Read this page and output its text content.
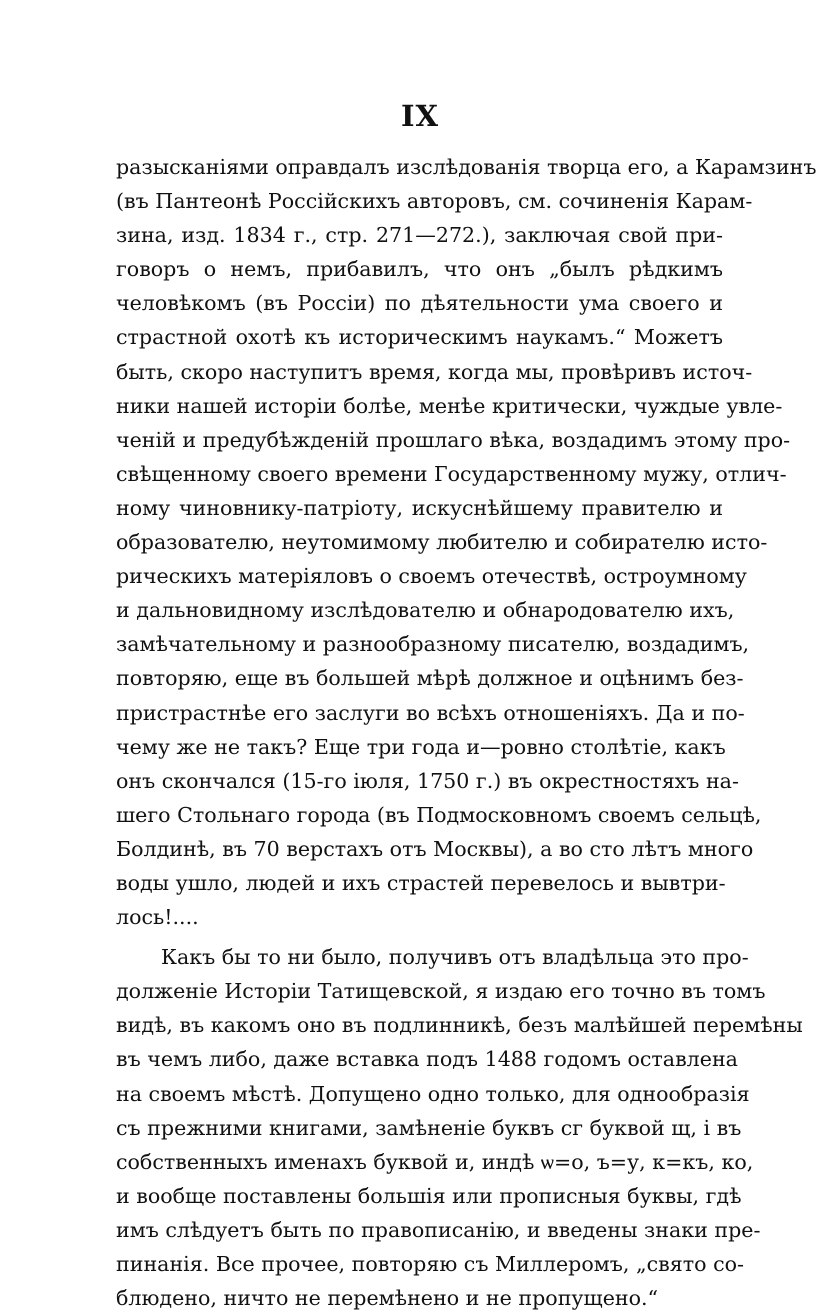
IX
разысканіями оправдалъ изслѣдованія творца его, а Карамзинъ
(въ Пантеонѣ Россійскихъ авторовъ, см. сочиненія Карам-
зина, изд. 1834 г., стр. 271—272.), заключая свой при-
говоръ о немъ, прибавилъ, что онъ „былъ рѣдкимъ
человѣкомъ (въ Россіи) по дѣятельности ума своего и
страстной охотѣ къ историческимъ наукамъ.“ Можетъ
быть, скоро наступитъ время, когда мы, провѣривъ источ-
ники нашей исторіи болѣе, менѣе критически, чуждые увле-
ченій и предубѣжденій прошлаго вѣка, воздадимъ этому про-
свѣщенному своего времени Государственному мужу, отлич-
ному чиновнику-патріоту, искуснѣйшему правителю и
образователю, неутомимому любителю и собирателю исто-
рическихъ матеріяловъ о своемъ отечествѣ, остроумному
и дальновидному изслѣдователю и обнародователю ихъ,
замѣчательному и разнообразному писателю, воздадимъ,
повторяю, еще въ большей мѣрѣ должное и оцѣнимъ без-
пристрастнѣе его заслуги во всѣхъ отношеніяхъ. Да и по-
чему же не такъ? Еще три года и—ровно столѣтіе, какъ
онъ скончался (15-го іюля, 1750 г.) въ окрестностяхъ на-
шего Стольнаго города (въ Подмосковномъ своемъ сельцѣ,
Болдинѣ, въ 70 верстахъ отъ Москвы), а во сто лѣтъ много
воды ушло, людей и ихъ страстей перевелось и вывтри-
лось!....
Какъ бы то ни было, получивъ отъ владѣльца это про-
долженіе Исторіи Татищевской, я издаю его точно въ томъ
видѣ, въ какомъ оно въ подлинникѣ, безъ малѣйшей перемѣны
въ чемъ либо, даже вставка подъ 1488 годомъ оставлена
на своемъ мѣстѣ. Допущено одно только, для однообразія
съ прежними книгами, замѣненіе буквъ сг буквой щ, і въ
собственныхъ именахъ буквой и, индѣ ѡ=о, ъ=у, к=къ, ко,
и вообще поставлены большія или прописныя буквы, гдѣ
имъ слѣдуетъ быть по правописанію, и введены знаки пре-
пинанія. Все прочее, повторяю съ Миллеромъ, „свято со-
блюдено, ничто не перемѣнено и не пропущено.“
